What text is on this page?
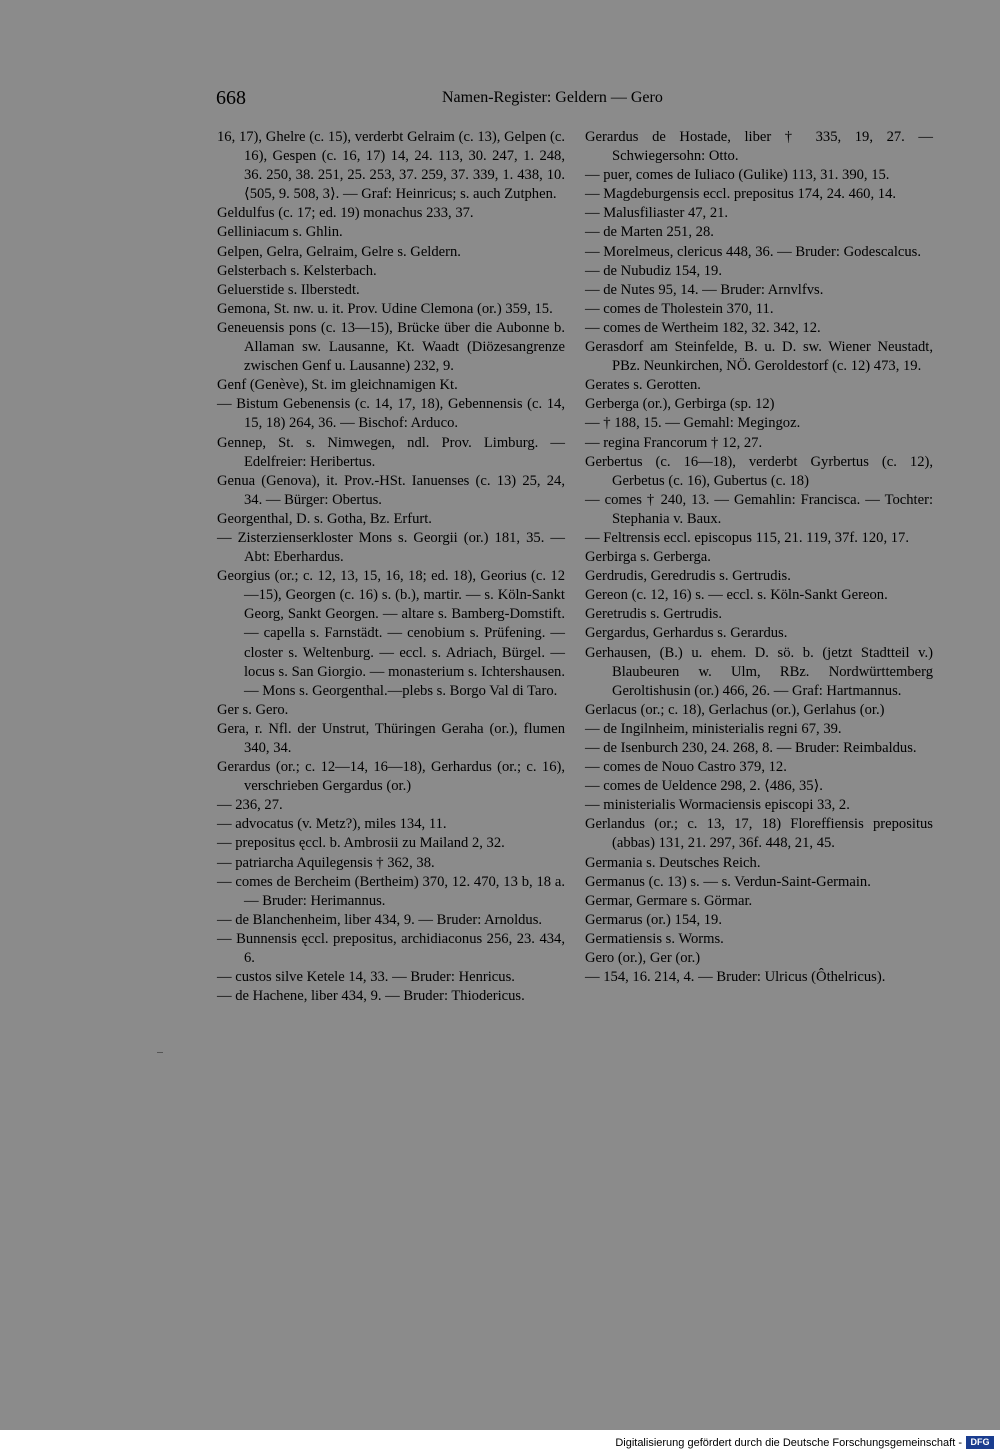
668	Namen-Register: Geldern — Gero

16, 17), Ghelre (c. 15), verderbt Gelraim (c. 13), Gelpen (c. 16), Gespen (c. 16, 17) 14, 24. 113, 30. 247, 1. 248, 36. 250, 38. 251, 25. 253, 37. 259, 37. 339, 1. 438, 10. ⟨505, 9. 508, 3⟩. — Graf: Heinricus; s. auch Zutphen.

Geldulfus (c. 17; ed. 19) monachus 233, 37.

Gelliniacum s. Ghlin.

Gelpen, Gelra, Gelraim, Gelre s. Geldern.

Gelsterbach s. Kelsterbach.

Geluerstide s. Ilberstedt.

Gemona, St. nw. u. it. Prov. Udine Clemona (or.) 359, 15.

Geneuensis pons (c. 13—15), Brücke über die Aubonne b. Allaman sw. Lausanne, Kt. Waadt (Diözesangrenze zwischen Genf u. Lausanne) 232, 9.

Genf (Genève), St. im gleichnamigen Kt.

— Bistum Gebenensis (c. 14, 17, 18), Gebennensis (c. 14, 15, 18) 264, 36. — Bischof: Arduco.

Gennep, St. s. Nimwegen, ndl. Prov. Limburg. — Edelfreier: Heribertus.

Genua (Genova), it. Prov.-HSt. Ianuenses (c. 13) 25, 24, 34. — Bürger: Obertus.

Georgenthal, D. s. Gotha, Bz. Erfurt.

— Zisterzienserkloster Mons s. Georgii (or.) 181, 35. — Abt: Eberhardus.

Georgius (or.; c. 12, 13, 15, 16, 18; ed. 18), Georius (c. 12—15), Georgen (c. 16) s. (b.), martir. — s. Köln-Sankt Georg, Sankt Georgen. — altare s. Bamberg-Domstift. — capella s. Farnstädt. — cenobium s. Prüfening. — closter s. Weltenburg. — eccl. s. Adriach, Bürgel. — locus s. San Giorgio. — monasterium s. Ichtershausen. — Mons s. Georgenthal.—plebs s. Borgo Val di Taro.

Ger s. Gero.

Gera, r. Nfl. der Unstrut, Thüringen Geraha (or.), flumen 340, 34.

Gerardus (or.; c. 12—14, 16—18), Gerhardus (or.; c. 16), verschrieben Gergardus (or.)

— 236, 27.

— advocatus (v. Metz?), miles 134, 11.

— prepositus ęccl. b. Ambrosii zu Mailand 2, 32.

— patriarcha Aquilegensis † 362, 38.

— comes de Bercheim (Bertheim) 370, 12. 470, 13 b, 18 a. — Bruder: Herimannus.

— de Blanchenheim, liber 434, 9. — Bruder: Arnoldus.

— Bunnensis ęccl. prepositus, archidiaconus 256, 23. 434, 6.

— custos silve Ketele 14, 33. — Bruder: Henricus.

— de Hachene, liber 434, 9. — Bruder: Thiodericus.

Gerardus de Hostade, liber † 335, 19, 27. — Schwiegersohn: Otto.

— puer, comes de Iuliaco (Gulike) 113, 31. 390, 15.

— Magdeburgensis eccl. prepositus 174, 24. 460, 14.

— Malusfiliaster 47, 21.

— de Marten 251, 28.

— Morelmeus, clericus 448, 36. — Bruder: Godescalcus.

— de Nubudiz 154, 19.

— de Nutes 95, 14. — Bruder: Arnvlfvs.

— comes de Tholestein 370, 11.

— comes de Wertheim 182, 32. 342, 12.

Gerasdorf am Steinfelde, B. u. D. sw. Wiener Neustadt, PBz. Neunkirchen, NÖ. Geroldestorf (c. 12) 473, 19.

Gerates s. Gerotten.

Gerberga (or.), Gerbirga (sp. 12)

— † 188, 15. — Gemahl: Megingoz.

— regina Francorum † 12, 27.

Gerbertus (c. 16—18), verderbt Gyrbertus (c. 12), Gerbetus (c. 16), Gubertus (c. 18)

— comes † 240, 13. — Gemahlin: Francisca. — Tochter: Stephania v. Baux.

— Feltrensis eccl. episcopus 115, 21. 119, 37f. 120, 17.

Gerbirga s. Gerberga.

Gerdrudis, Geredrudis s. Gertrudis.

Gereon (c. 12, 16) s. — eccl. s. Köln-Sankt Gereon.

Geretrudis s. Gertrudis.

Gergardus, Gerhardus s. Gerardus.

Gerhausen, (B.) u. ehem. D. sö. b. (jetzt Stadtteil v.) Blaubeuren w. Ulm, RBz. Nordwürttemberg Geroltishusin (or.) 466, 26. — Graf: Hartmannus.

Gerlacus (or.; c. 18), Gerlachus (or.), Gerlahus (or.)

— de Ingilnheim, ministerialis regni 67, 39.

— de Isenburch 230, 24. 268, 8. — Bruder: Reimbaldus.

— comes de Nouo Castro 379, 12.

— comes de Ueldence 298, 2. ⟨486, 35⟩.

— ministerialis Wormaciensis episcopi 33, 2.

Gerlandus (or.; c. 13, 17, 18) Floreffiensis prepositus (abbas) 131, 21. 297, 36f. 448, 21, 45.

Germania s. Deutsches Reich.

Germanus (c. 13) s. — s. Verdun-Saint-Germain.

Germar, Germare s. Görmar.

Germarus (or.) 154, 19.

Germatiensis s. Worms.

Gero (or.), Ger (or.)

— 154, 16. 214, 4. — Bruder: Ulricus (Ôthelricus).

Digitalisierung gefördert durch die Deutsche Forschungsgemeinschaft - DFG
